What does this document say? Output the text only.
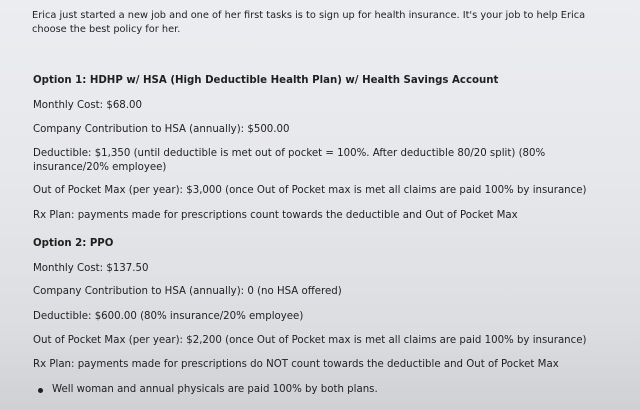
Erica just started a new job and one of her first tasks is to sign up for health insurance. It's your job to help Erica choose the best policy for her.
Option 1: HDHP w/ HSA (High Deductible Health Plan) w/ Health Savings Account
Monthly Cost: $68.00
Company Contribution to HSA (annually): $500.00
Deductible: $1,350 (until deductible is met out of pocket = 100%. After deductible 80/20 split) (80% insurance/20% employee)
Out of Pocket Max (per year): $3,000 (once Out of Pocket max is met all claims are paid 100% by insurance)
Rx Plan: payments made for prescriptions count towards the deductible and Out of Pocket Max
Option 2: PPO
Monthly Cost: $137.50
Company Contribution to HSA (annually): 0 (no HSA offered)
Deductible: $600.00 (80% insurance/20% employee)
Out of Pocket Max (per year): $2,200 (once Out of Pocket max is met all claims are paid 100% by insurance)
Rx Plan: payments made for prescriptions do NOT count towards the deductible and Out of Pocket Max
Well woman and annual physicals are paid 100% by both plans.
